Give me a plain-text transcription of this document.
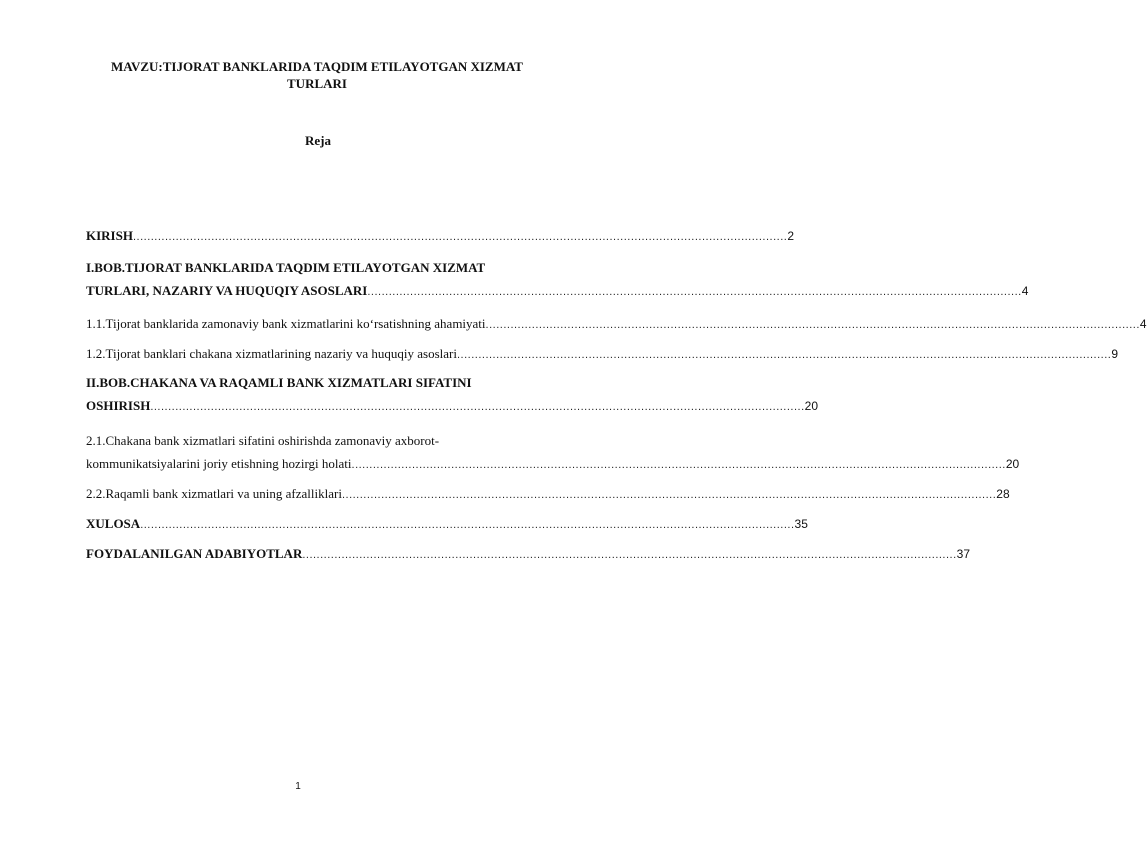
MAVZU:TIJORAT BANKLARIDA TAQDIM ETILAYOTGAN XIZMAT TURLARI
Reja
KIRISH ........................................................................................................................................................................................ 2
I.BOB.TIJORAT BANKLARIDA TAQDIM ETILAYOTGAN XIZMAT
TURLARI, NAZARIY VA HUQUQIY ASOSLARI ........................................................................................................................................................................................ 4
1.1.Tijorat banklarida zamonaviy bank xizmatlarini koʻrsatishning ahamiyati ........................................................................................................................................................................................ 4
1.2.Tijorat banklari chakana xizmatlarining nazariy va huquqiy asoslari ........................................................................................................................................................................................ 9
II.BOB.CHAKANA VA RAQAMLI BANK XIZMATLARI SIFATINI
OSHIRISH ........................................................................................................................................................................................ 20
2.1.Chakana bank xizmatlari sifatini oshirishda zamonaviy axborot-
kommunikatsiyalarini joriy etishning hozirgi holati ........................................................................................................................................................................................ 20
2.2.Raqamli bank xizmatlari va uning afzalliklari ........................................................................................................................................................................................ 28
XULOSA ........................................................................................................................................................................................ 35
FOYDALANILGAN ADABIYOTLAR ........................................................................................................................................................................................ 37
1
